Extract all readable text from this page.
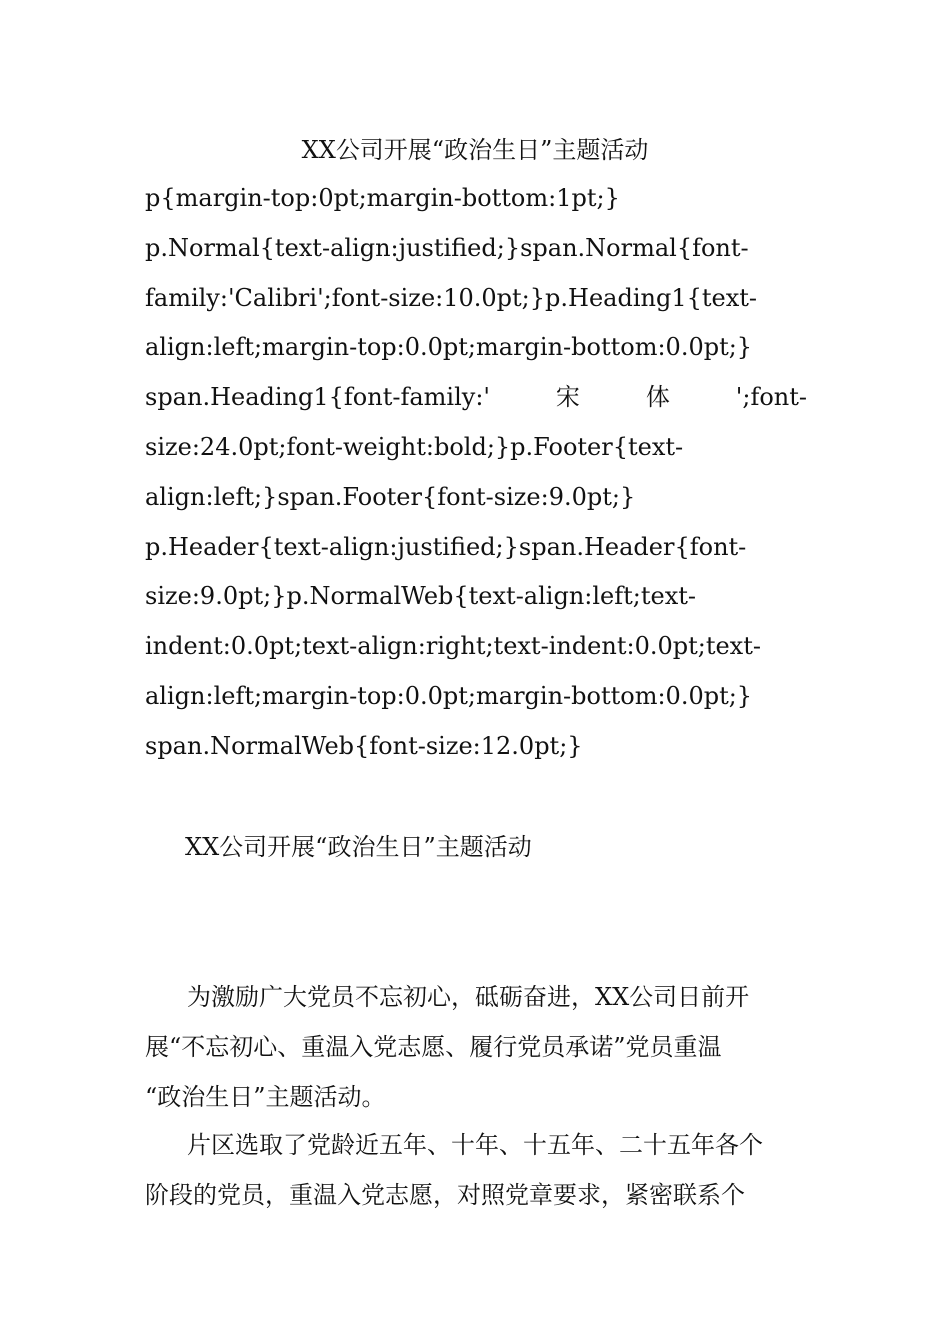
XX公司开展“政治生日”主题活动

p{margin-top:0pt;margin-bottom:1pt;}
p.Normal{text-align:justified;}span.Normal{font-
family:'Calibri';font-size:10.0pt;}p.Heading1{text-
align:left;margin-top:0.0pt;margin-bottom:0.0pt;}
span.Heading1{font-family:'	宋	体	';font-
size:24.0pt;font-weight:bold;}p.Footer{text-
align:left;}span.Footer{font-size:9.0pt;}
p.Header{text-align:justified;}span.Header{font-
size:9.0pt;}p.NormalWeb{text-align:left;text-
indent:0.0pt;text-align:right;text-indent:0.0pt;text-
align:left;margin-top:0.0pt;margin-bottom:0.0pt;}
span.NormalWeb{font-size:12.0pt;}

XX公司开展“政治生日”主题活动

为激励广大党员不忘初心，砥砺奋进，XX公司日前开
展“不忘初心、重温入党志愿、履行党员承诺”党员重温
“政治生日”主题活动。
片区选取了党龄近五年、十年、十五年、二十五年各个
阶段的党员，重温入党志愿，对照党章要求，紧密联系个
